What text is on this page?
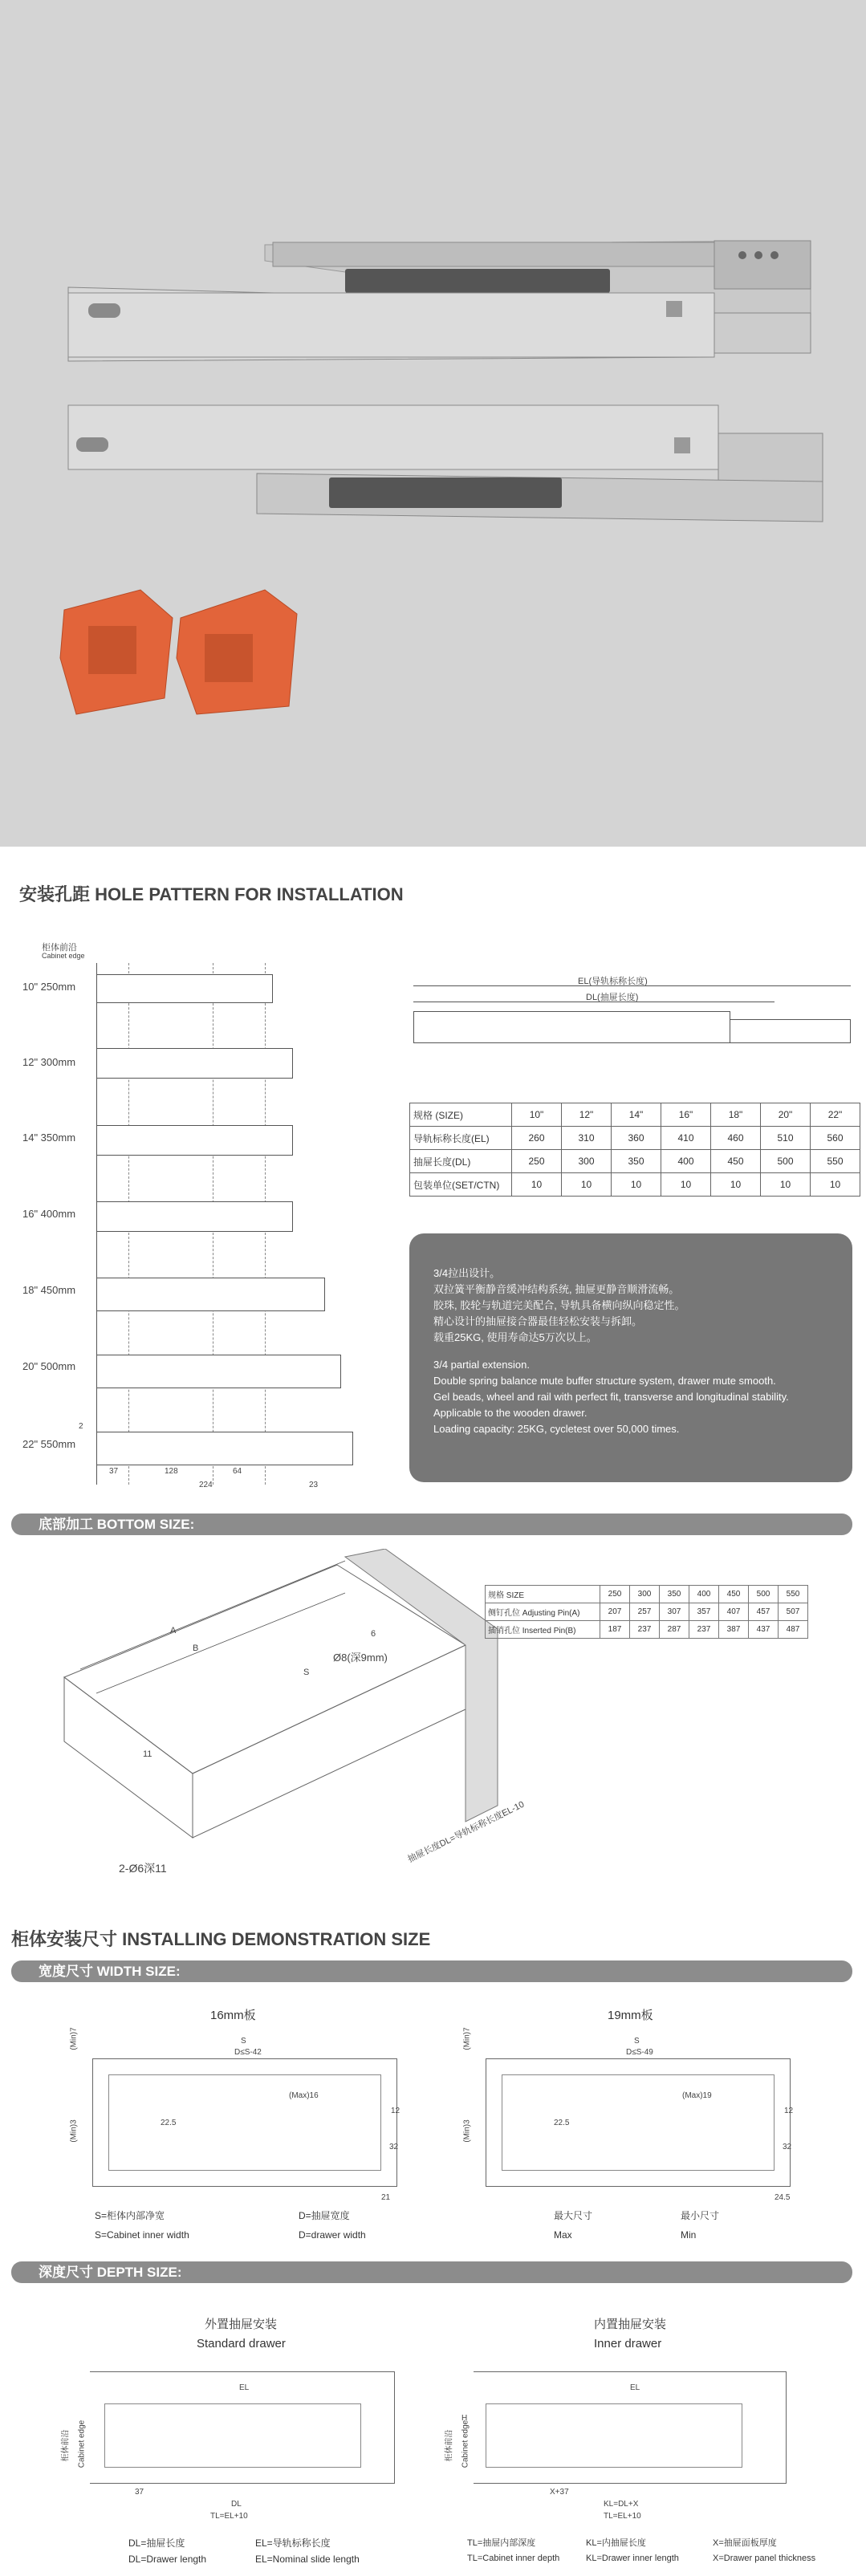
安装孔距 HOLE PATTERN FOR INSTALLATION
柜体前沿
Cabinet edge
10" 250mm
12" 300mm
14" 350mm
16" 400mm
18" 450mm
20" 500mm
22" 550mm
2
37	128
224
64
23
EL(导轨标称长度)
DL(抽屉长度)
规格 (SIZE)	10"	12"	14"	16"	18"	20"	22"
导轨标称长度(EL)	260	310	360	410	460	510	560
抽屉长度(DL)	250	300	350	400	450	500	550
包装单位(SET/CTN)	10	10	10	10	10	10	10

3/4拉出设计。

双拉簧平衡静音缓冲结构系统, 抽屉更静音顺滑流畅。

胶珠, 胶轮与轨道完美配合, 导轨具备横向纵向稳定性。

精心设计的抽屉接合器最佳轻松安装与拆卸。

载重25KG, 使用寿命达5万次以上。

3/4 partial extension.

Double spring balance mute buffer structure system, drawer mute smooth.

Gel beads, wheel and rail with perfect fit, transverse and longitudinal stability.

Applicable to the wooden drawer.

Loading capacity: 25KG, cycletest over 50,000 times.

底部加工 BOTTOM SIZE:
A
B
S
Ø8(深9mm)
6
11
2-Ø6深11
抽屉长度DL=导轨标称长度EL-10
规格 SIZE	250	300	350	400	450	500	550
侧钉孔位 Adjusting Pin(A)	207	257	307	357	407	457	507
插销孔位 Inserted Pin(B)	187	237	287	237	387	437	487
柜体安装尺寸 INSTALLING DEMONSTRATION SIZE
宽度尺寸 WIDTH SIZE:
16mm板	19mm板
S
D≤S-42
(Max)16
22.5
12
32
21
(Min)7
(Min)3
S=柜体内部净宽
S=Cabinet inner width
D=抽屉宽度
D=drawer width
S
D≤S-49
(Max)19
22.5
12
32
24.5
(Min)7
(Min)3
最大尺寸
Max
最小尺寸
Min
深度尺寸 DEPTH SIZE:
外置抽屉安装
Standard drawer
内置抽屉安装
Inner drawer
EL
37
DL
TL=EL+10
柜体前沿 Cabinet edge
EL
H
X+37
KL=DL+X
TL=EL+10
柜体前沿 Cabinet edge
DL=抽屉长度
DL=Drawer length
EL=导轨标称长度
EL=Nominal slide length
TL=抽屉内部深度
TL=Cabinet inner depth
KL=内抽屉长度
KL=Drawer inner length
X=抽屉面板厚度
X=Drawer panel thickness
